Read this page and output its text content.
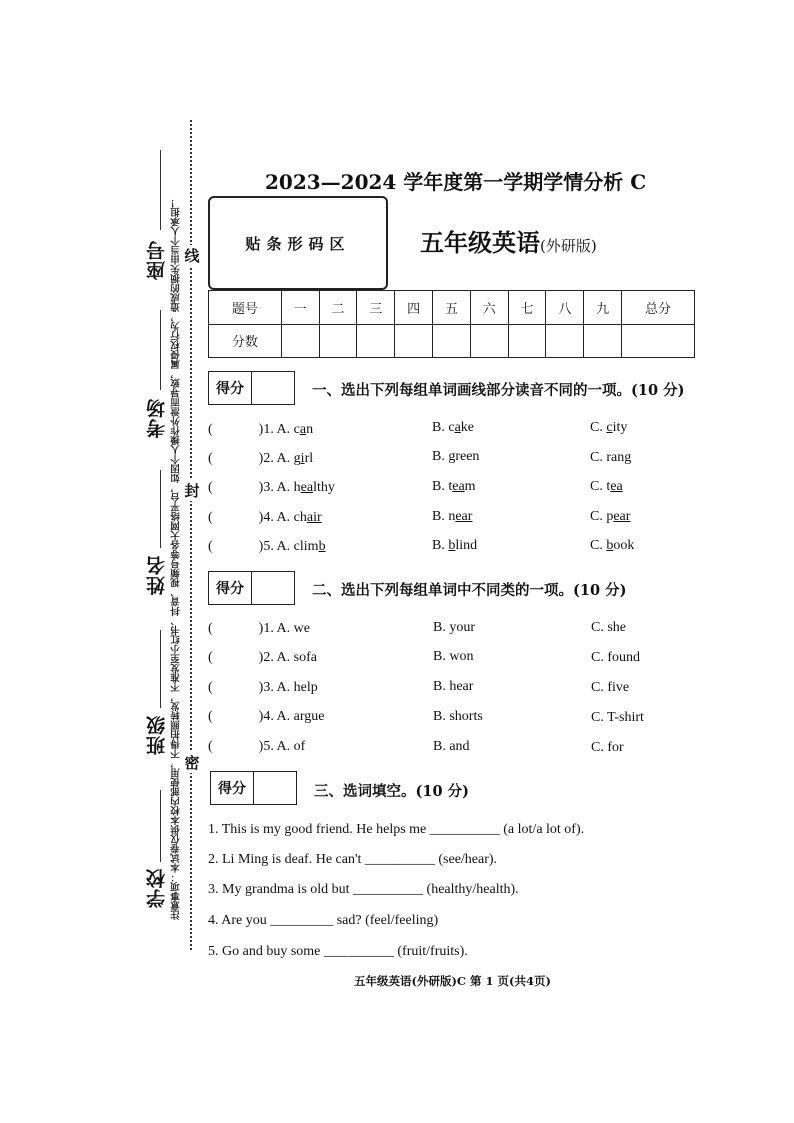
注意事项：本试卷仅供本校内部使用，不得拍照转发，不准发至小红书、抖音、视频号等各大网络平台，如因个人操作外泄而导致，属侵权行为，造成的损失由当个人承担！
座号
考场
姓名
班级
学校
线
封
密
2023—2024 学年度第一学期学情分析 C
贴条形码区	五年级英语(外研版)
题号	一	二	三	四	五	六	七	八	九	总分
分数										
得分	一、选出下列每组单词画线部分读音不同的一项。(10 分)
得分	二、选出下列每组单词中不同类的一项。(10 分)
得分	三、选词填空。(10 分)
(	)1. A. can	B. cake	C. city
(	)2. A. girl	B. green	C. rang
(	)3. A. healthy	B. team	C. tea
(	)4. A. chair	B. near	C. pear
(	)5. A. climb	B. blind	C. book
(	)1. A. we	B. your	C. she
(	)2. A. sofa	B. won	C. found
(	)3. A. help	B. hear	C. five
(	)4. A. argue	B. shorts	C. T-shirt
(	)5. A. of	B. and	C. for
1. This is my good friend. He helps me __________ (a lot/a lot of).
2. Li Ming is deaf. He can't __________ (see/hear).
3. My grandma is old but __________ (healthy/health).
4. Are you _________ sad? (feel/feeling)
5. Go and buy some __________ (fruit/fruits).
五年级英语(外研版)C 第 1 页(共4页)
